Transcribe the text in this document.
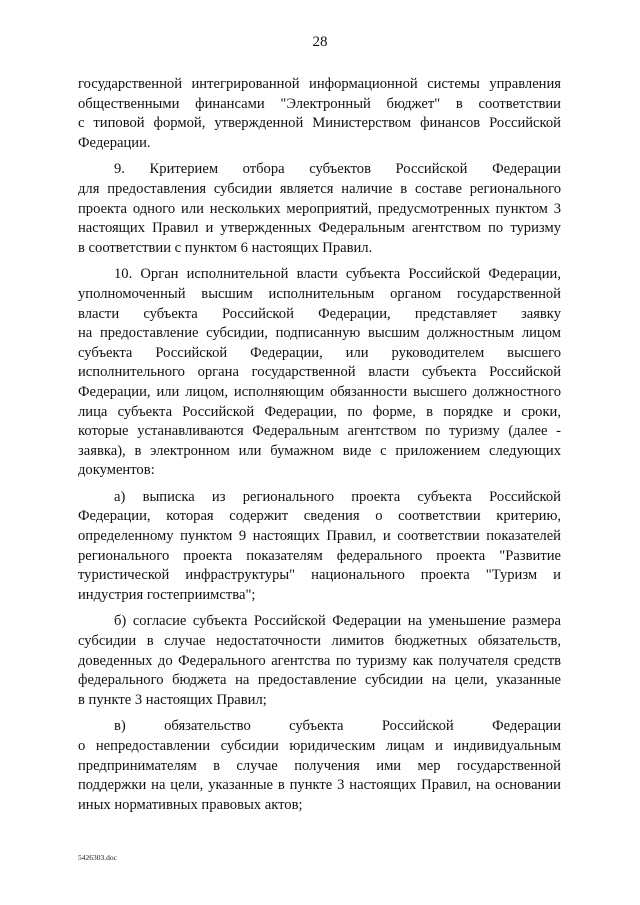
28
государственной интегрированной информационной системы управления
общественными финансами "Электронный бюджет" в соответствии
с типовой формой, утвержденной Министерством финансов Российской
Федерации.
9. Критерием отбора субъектов Российской Федерации
для предоставления субсидии является наличие в составе регионального
проекта одного или нескольких мероприятий, предусмотренных пунктом 3
настоящих Правил и утвержденных Федеральным агентством по туризму
в соответствии с пунктом 6 настоящих Правил.
10. Орган исполнительной власти субъекта Российской Федерации,
уполномоченный высшим исполнительным органом государственной
власти субъекта Российской Федерации, представляет заявку
на предоставление субсидии, подписанную высшим должностным лицом
субъекта Российской Федерации, или руководителем высшего
исполнительного органа государственной власти субъекта Российской
Федерации, или лицом, исполняющим обязанности высшего должностного
лица субъекта Российской Федерации, по форме, в порядке и сроки,
которые устанавливаются Федеральным агентством по туризму (далее -
заявка), в электронном или бумажном виде с приложением следующих
документов:
а) выписка из регионального проекта субъекта Российской
Федерации, которая содержит сведения о соответствии критерию,
определенному пунктом 9 настоящих Правил, и соответствии показателей
регионального проекта показателям федерального проекта "Развитие
туристической инфраструктуры" национального проекта "Туризм и
индустрия гостеприимства";
б) согласие субъекта Российской Федерации на уменьшение размера
субсидии в случае недостаточности лимитов бюджетных обязательств,
доведенных до Федерального агентства по туризму как получателя средств
федерального бюджета на предоставление субсидии на цели, указанные
в пункте 3 настоящих Правил;
в) обязательство субъекта Российской Федерации
о непредоставлении субсидии юридическим лицам и индивидуальным
предпринимателям в случае получения ими мер государственной
поддержки на цели, указанные в пункте 3 настоящих Правил, на основании
иных нормативных правовых актов;
5426303.doc
